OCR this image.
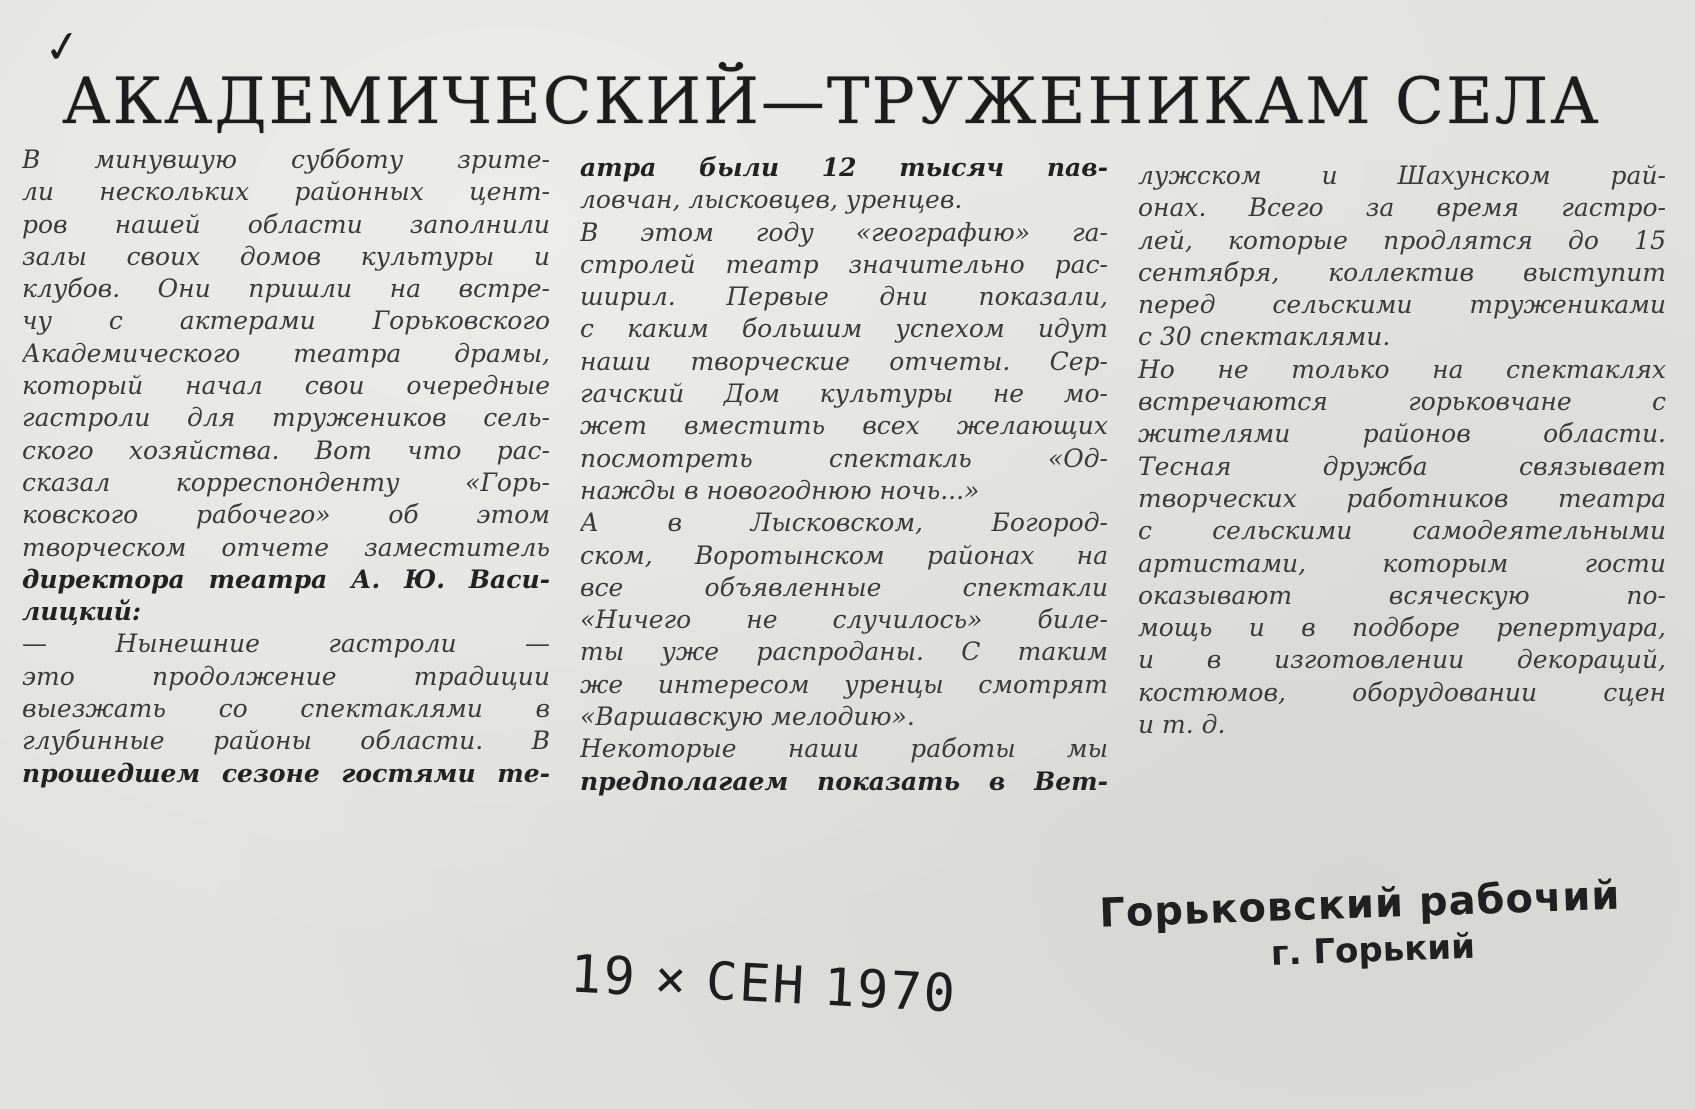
✓
АКАДЕМИЧЕСКИЙ—ТРУЖЕНИКАМ СЕЛА
В минувшую субботу зрите-
ли нескольких районных цент-
ров нашей области заполнили
залы своих домов культуры и
клубов. Они пришли на встре-
чу с актерами Горьковского
Академического театра драмы,
который начал свои очередные
гастроли для тружеников сель-
ского хозяйства. Вот что рас-
сказал корреспонденту «Горь-
ковского рабочего» об этом
творческом отчете заместитель
директора театра А. Ю. Васи-
лицкий:
— Нынешние гастроли —
это продолжение традиции
выезжать со спектаклями в
глубинные районы области. В
прошедшем сезоне гостями те-
атра были 12 тысяч пав-
ловчан, лысковцев, уренцев.
В этом году «географию» га-
стролей театр значительно рас-
ширил. Первые дни показали,
с каким большим успехом идут
наши творческие отчеты. Сер-
гачский Дом культуры не мо-
жет вместить всех желающих
посмотреть спектакль «Од-
нажды в новогоднюю ночь...»
А в Лысковском, Богород-
ском, Воротынском районах на
все объявленные спектакли
«Ничего не случилось» биле-
ты уже распроданы. С таким
же интересом уренцы смотрят
«Варшавскую мелодию».
Некоторые наши работы мы
предполагаем показать в Вет-
лужском и Шахунском рай-
онах. Всего за время гастро-
лей, которые продлятся до 15
сентября, коллектив выступит
перед сельскими тружениками
с 30 спектаклями.
Но не только на спектаклях
встречаются горьковчане с
жителями районов области.
Тесная дружба связывает
творческих работников театра
с сельскими самодеятельными
артистами, которым гости
оказывают всяческую по-
мощь и в подборе репертуара,
и в изготовлении декораций,
костюмов, оборудовании сцен
и т. д.
Горьковский рабочий
г. Горький
19 × СЕН 1970
